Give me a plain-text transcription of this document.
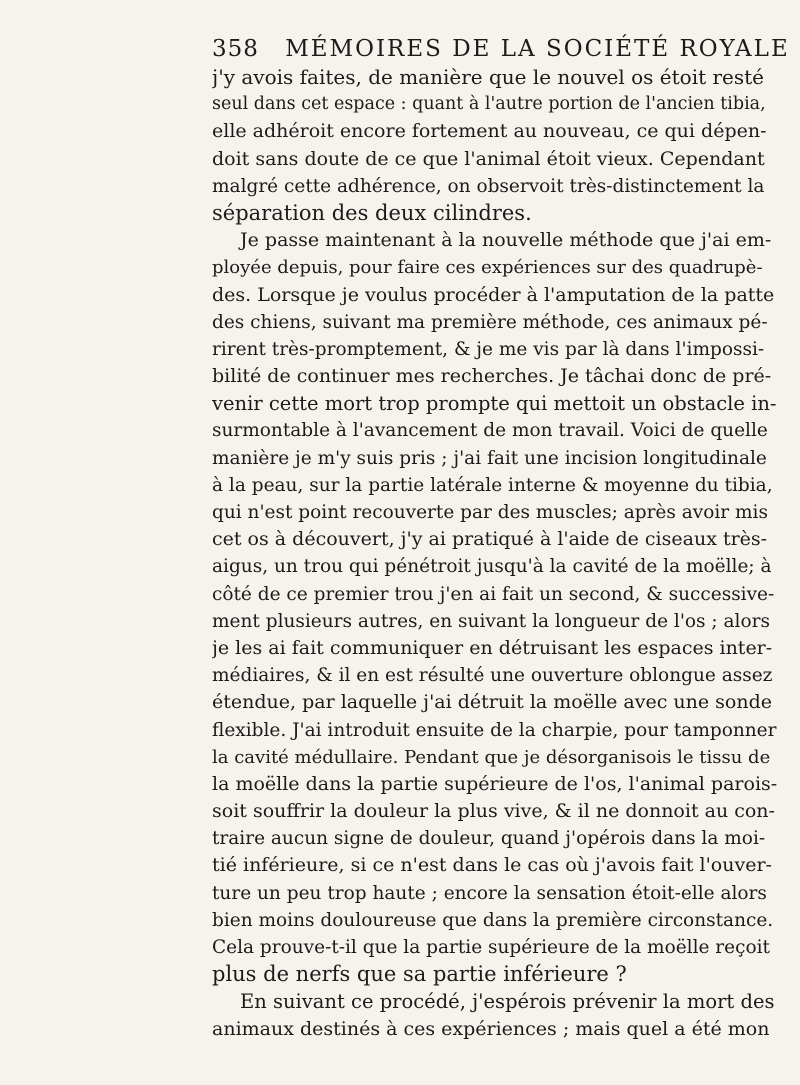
358 MÉMOIRES DE LA SOCIÉTÉ ROYALE
j'y avois faites, de manière que le nouvel os étoit resté
seul dans cet espace : quant à l'autre portion de l'ancien tibia,
elle adhéroit encore fortement au nouveau, ce qui dépen-
doit sans doute de ce que l'animal étoit vieux. Cependant
malgré cette adhérence, on observoit très-distinctement la
séparation des deux cilindres.
Je passe maintenant à la nouvelle méthode que j'ai em-
ployée depuis, pour faire ces expériences sur des quadrupè-
des. Lorsque je voulus procéder à l'amputation de la patte
des chiens, suivant ma première méthode, ces animaux pé-
rirent très-promptement, & je me vis par là dans l'impossi-
bilité de continuer mes recherches. Je tâchai donc de pré-
venir cette mort trop prompte qui mettoit un obstacle in-
surmontable à l'avancement de mon travail. Voici de quelle
manière je m'y suis pris ; j'ai fait une incision longitudinale
à la peau, sur la partie latérale interne & moyenne du tibia,
qui n'est point recouverte par des muscles; après avoir mis
cet os à découvert, j'y ai pratiqué à l'aide de ciseaux très-
aigus, un trou qui pénétroit jusqu'à la cavité de la moëlle; à
côté de ce premier trou j'en ai fait un second, & successive-
ment plusieurs autres, en suivant la longueur de l'os ; alors
je les ai fait communiquer en détruisant les espaces inter-
médiaires, & il en est résulté une ouverture oblongue assez
étendue, par laquelle j'ai détruit la moëlle avec une sonde
flexible. J'ai introduit ensuite de la charpie, pour tamponner
la cavité médullaire. Pendant que je désorganisois le tissu de
la moëlle dans la partie supérieure de l'os, l'animal parois-
soit souffrir la douleur la plus vive, & il ne donnoit au con-
traire aucun signe de douleur, quand j'opérois dans la moi-
tié inférieure, si ce n'est dans le cas où j'avois fait l'ouver-
ture un peu trop haute ; encore la sensation étoit-elle alors
bien moins douloureuse que dans la première circonstance.
Cela prouve-t-il que la partie supérieure de la moëlle reçoit
plus de nerfs que sa partie inférieure ?
En suivant ce procédé, j'espérois prévenir la mort des
animaux destinés à ces expériences ; mais quel a été mon
